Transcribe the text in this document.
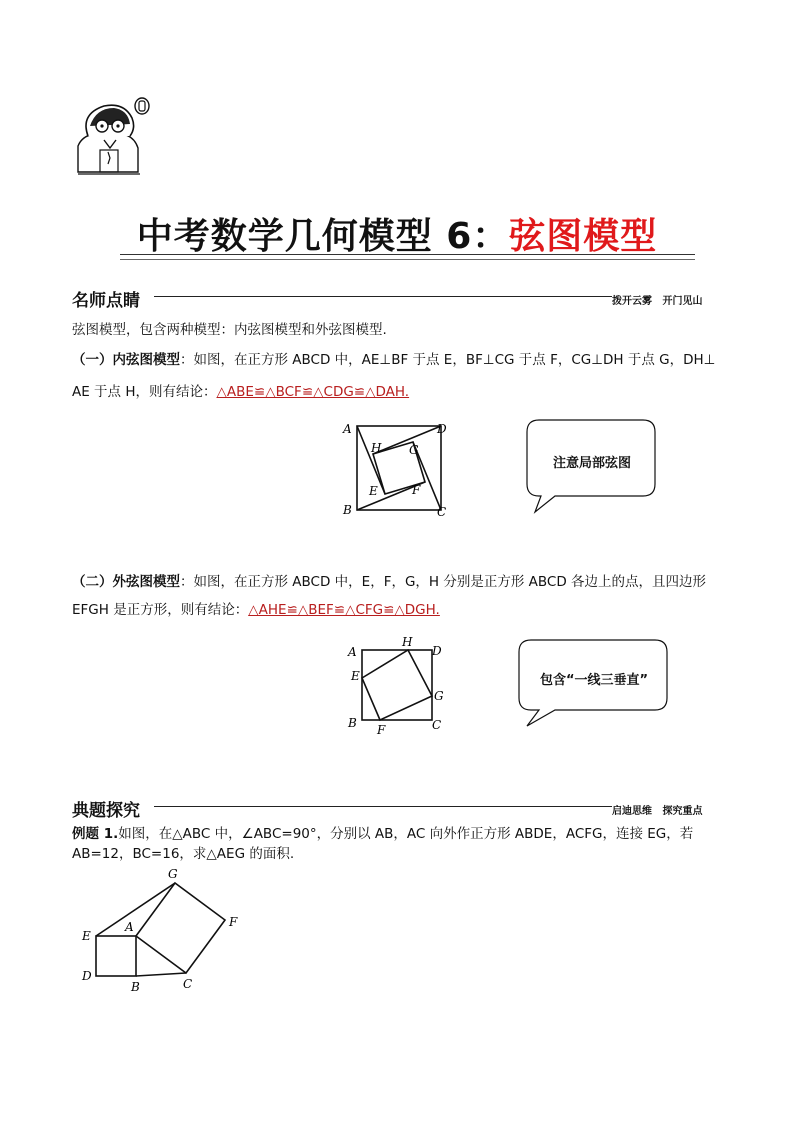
中考数学几何模型 6：弦图模型
名师点睛	拨开云雾   开门见山
弦图模型，包含两种模型：内弦图模型和外弦图模型.
（一）内弦图模型：如图，在正方形 ABCD 中，AE⊥BF 于点 E，BF⊥CG 于点 F，CG⊥DH 于点 G，DH⊥
AE 于点 H，则有结论：△ABE≌△BCF≌△CDG≌△DAH.
A
B	C
D
E	F
G
H
注意局部弦图
（二）外弦图模型：如图，在正方形 ABCD 中，E，F，G，H 分别是正方形 ABCD 各边上的点，且四边形
EFGH 是正方形，则有结论：△AHE≌△BEF≌△CFG≌△DGH.
A
B	C
D
E
F
G
H
包含“一线三垂直”
典题探究	启迪思维   探究重点
例题 1.如图，在△ABC 中，∠ABC=90°，分别以 AB，AC 向外作正方形 ABDE，ACFG，连接 EG，若
AB=12，BC=16，求△AEG 的面积.
E
A
D
B	C
G
F
